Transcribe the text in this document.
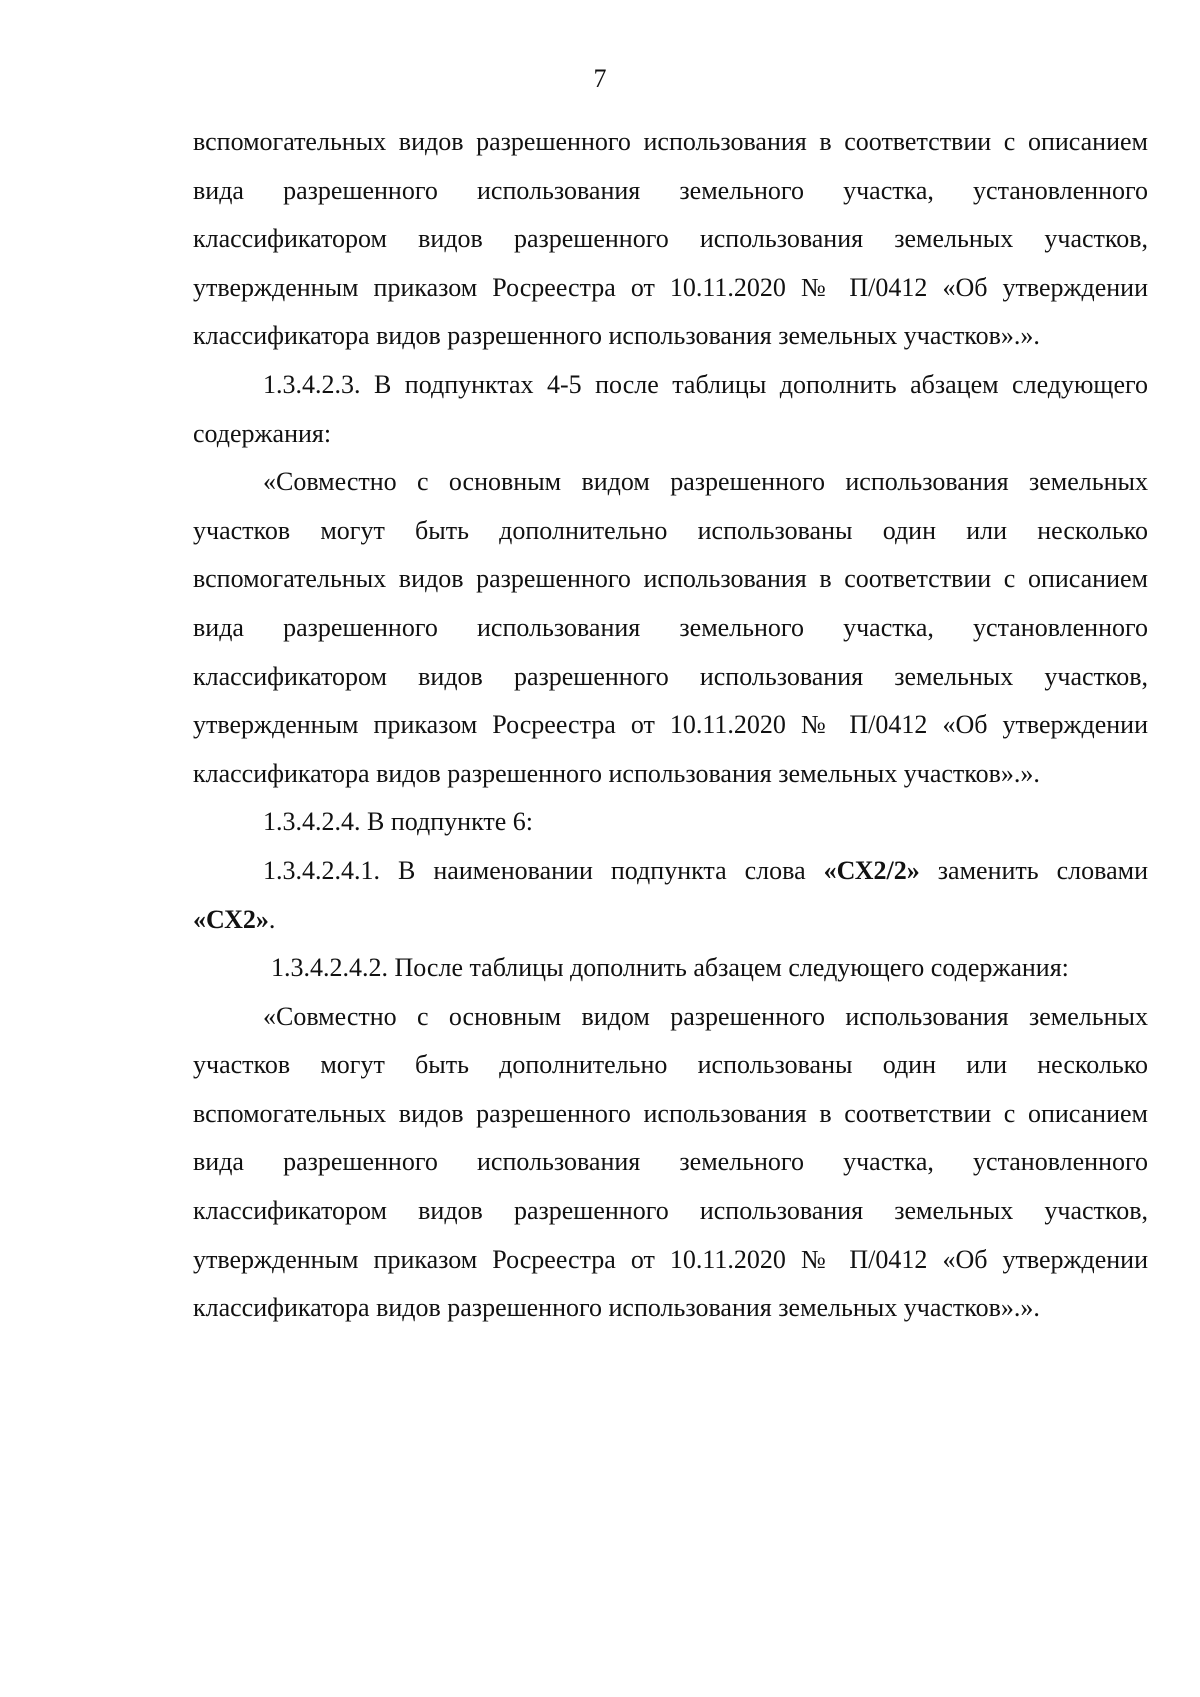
7

вспомогательных видов разрешенного использования в соответствии с описанием вида разрешенного использования земельного участка, установленного классификатором видов разрешенного использования земельных участков, утвержденным приказом Росреестра от 10.11.2020 № П/0412 «Об утверждении классификатора видов разрешенного использования земельных участков».».

1.3.4.2.3. В подпунктах 4-5 после таблицы дополнить абзацем следующего содержания:

«Совместно с основным видом разрешенного использования земельных участков могут быть дополнительно использованы один или несколько вспомогательных видов разрешенного использования в соответствии с описанием вида разрешенного использования земельного участка, установленного классификатором видов разрешенного использования земельных участков, утвержденным приказом Росреестра от 10.11.2020 № П/0412 «Об утверждении классификатора видов разрешенного использования земельных участков».».

1.3.4.2.4. В подпункте 6:

1.3.4.2.4.1. В наименовании подпункта слова «СХ2/2» заменить словами «СХ2».

1.3.4.2.4.2. После таблицы дополнить абзацем следующего содержания:

«Совместно с основным видом разрешенного использования земельных участков могут быть дополнительно использованы один или несколько вспомогательных видов разрешенного использования в соответствии с описанием вида разрешенного использования земельного участка, установленного классификатором видов разрешенного использования земельных участков, утвержденным приказом Росреестра от 10.11.2020 № П/0412 «Об утверждении классификатора видов разрешенного использования земельных участков».».
